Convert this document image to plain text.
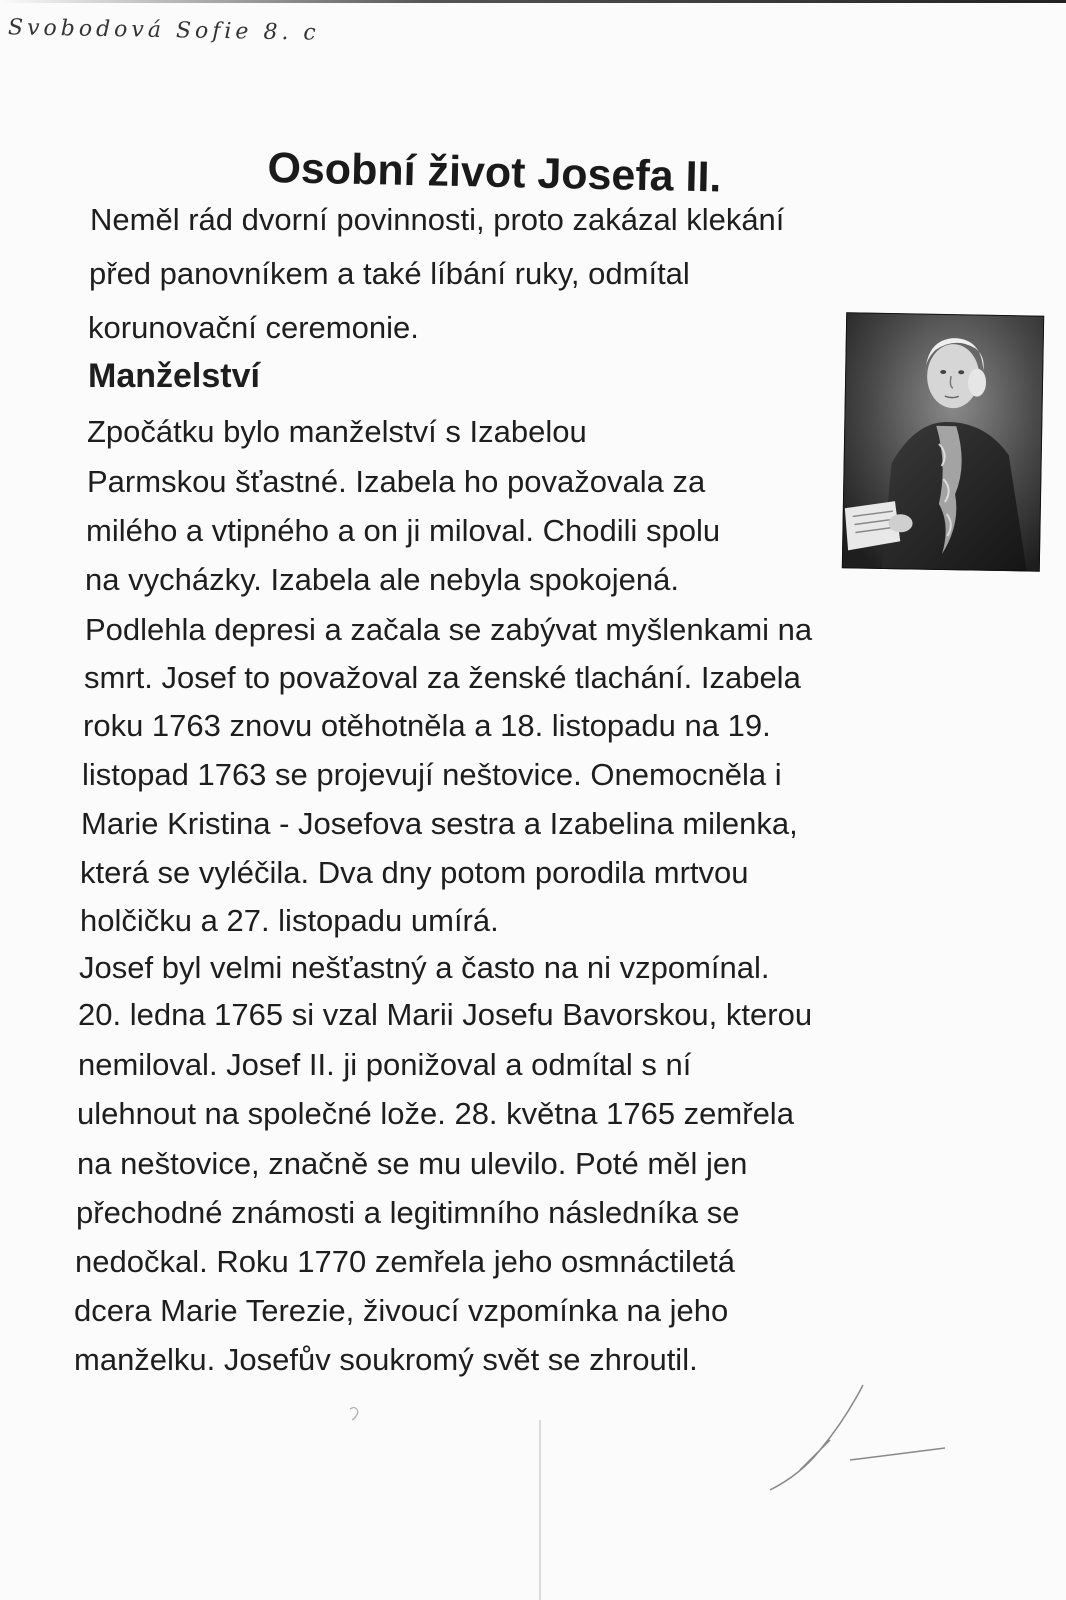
Svobodová Sofie 8. c
Osobní život Josefa II.

Neměl rád dvorní povinnosti, proto zakázal klekání

před panovníkem a také líbání ruky, odmítal

korunovační ceremonie.

Manželství

Zpočátku bylo manželství s Izabelou

Parmskou šťastné. Izabela ho považovala za

milého a vtipného a on ji miloval. Chodili spolu

na vycházky. Izabela ale nebyla spokojená.

Podlehla depresi a začala se zabývat myšlenkami na

smrt. Josef to považoval za ženské tlachání. Izabela

roku 1763 znovu otěhotněla a 18. listopadu na 19.

listopad 1763 se projevují neštovice. Onemocněla i

Marie Kristina - Josefova sestra a Izabelina milenka,

která se vyléčila. Dva dny potom porodila mrtvou

holčičku a 27. listopadu umírá.

Josef byl velmi nešťastný a často na ni vzpomínal.

20. ledna 1765 si vzal Marii Josefu Bavorskou, kterou

nemiloval. Josef II. ji ponižoval a odmítal s ní

ulehnout na společné lože. 28. května 1765 zemřela

na neštovice, značně se mu ulevilo. Poté měl jen

přechodné známosti a legitimního následníka se

nedočkal. Roku 1770 zemřela jeho osmnáctiletá

dcera Marie Terezie, živoucí vzpomínka na jeho

manželku. Josefův soukromý svět se zhroutil.
